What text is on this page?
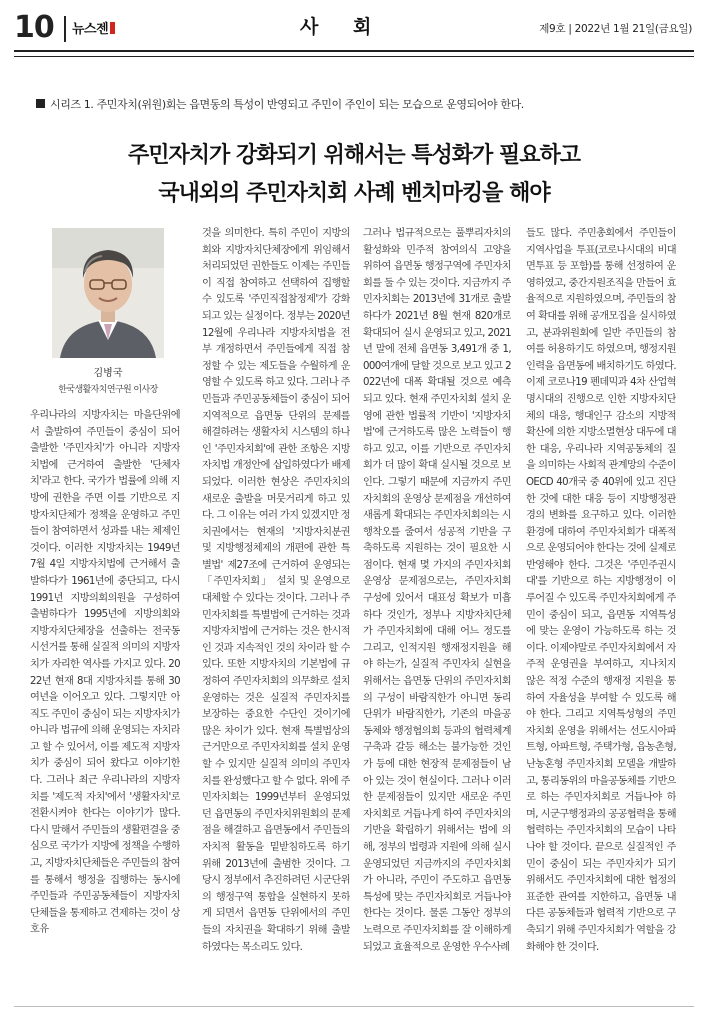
10 뉴스젠	사 회	제9호 | 2022년 1월 21일(금요일)
시리즈 1. 주민자치(위원)회는 읍면동의 특성이 반영되고 주민이 주인이 되는 모습으로 운영되어야 한다.
주민자치가 강화되기 위해서는 특성화가 필요하고
국내외의 주민자치회 사례 벤치마킹을 해야
김병국
한국생활자치연구원 이사장

우리나라의 지방자치는 마을단위에서 출발하여 주민들이 중심이 되어 출발한 '주민자치'가 아니라 지방자치법에 근거하여 출발한 '단체자치'라고 한다. 국가가 법률에 의해 지방에 권한을 주면 이를 기반으로 지방자치단체가 정책을 운영하고 주민들이 참여하면서 성과를 내는 체제인 것이다. 이러한 지방자치는 1949년 7월 4일 지방자치법에 근거해서 출발하다가 1961년에 중단되고, 다시 1991년 지방의회의원을 구성하여 출범하다가 1995년에 지방의회와 지방자치단체장을 선출하는 전국동시선거를 통해 실질적 의미의 지방자치가 자리한 역사를 가지고 있다. 2022년 현재 8대 지방자치를 통해 30여년을 이어오고 있다. 그렇지만 아직도 주민이 중심이 되는 지방자치가 아니라 법규에 의해 운영되는 자치라고 할 수 있어서, 이를 제도적 지방자치가 중심이 되어 왔다고 이야기한다. 그러나 최근 우리나라의 지방자치를 '제도적 자치'에서 '생활자치'로 전환시켜야 한다는 이야기가 많다. 다시 말해서 주민들의 생활편결을 중심으로 국가가 지방에 정책을 수행하고, 지방자치단체들은 주민들의 참여를 통해서 행정을 집행하는 동시에 주민들과 주민공동체들이 지방자치단체들을 통제하고 견제하는 것이 상호유

것을 의미한다. 특히 주민이 지방의회와 지방자치단체장에게 위임해서 처리되었던 권한들도 이제는 주민들이 직접 참여하고 선택하여 집행할 수 있도록 '주민직접참정제'가 강화되고 있는 실정이다. 정부는 2020년 12월에 우리나라 지방자치법을 전부 개정하면서 주민들에게 직접 참정할 수 있는 제도들을 수월하게 운영할 수 있도록 하고 있다. 그러나 주민들과 주민공동체들이 중심이 되어 지역적으로 읍면동 단위의 문제를 해결하려는 생활자치 시스템의 하나인 '주민자치회'에 관한 조항은 지방자치법 개정안에 삽입하였다가 배제되었다. 이러한 현상은 주민자치의 새로운 출발을 머뭇거리게 하고 있다. 그 이유는 여러 가지 있겠지만 정치권에서는 현재의 '지방자치분권 및 지방행정체제의 개편에 관한 특별법' 제27조에 근거하여 운영되는 「주민자치회」 설치 및 운영으로 대체할 수 있다는 것이다. 그러나 주민자치회를 특별법에 근거하는 것과 지방자치법에 근거하는 것은 한시적인 것과 지속적인 것의 차이라 할 수 있다. 또한 지방자치의 기본법에 규정하여 주민자치회의 의무화로 설치 운영하는 것은 실질적 주민자치를 보장하는 중요한 수단인 것이기에 많은 차이가 있다. 현재 특별법상의 근거만으로 주민자치회를 설치 운영할 수 있지만 실질적 의미의 주민자치를 완성했다고 할 수 없다. 위에 주민자치회는 1999년부터 운영되었던 읍면동의 주민자치위원회의 문제점을 해결하고 읍면동에서 주민들의 자치적 활동을 밑받침하도록 하기 위해 2013년에 출범한 것이다. 그 당시 정부에서 추진하려던 시군단위의 행정구역 통합을 실현하지 못하게 되면서 읍면동 단위에서의 주민들의 자치권을 확대하기 위해 출발하였다는 목소리도 있다.

그러나 법규적으로는 풀뿌리자치의 활성화와 민주적 참여의식 고양을 위하여 읍면동 행정구역에 주민자치회를 둘 수 있는 것이다. 지금까지 주민자치회는 2013년에 31개로 출발하다가 2021년 8월 현재 820개로 확대되어 실시 운영되고 있고, 2021년 말에 전체 읍면동 3,491개 중 1,000여개에 달할 것으로 보고 있고 2022년에 대폭 확대될 것으로 예측되고 있다. 현재 주민자치회 설치 운영에 관한 법률적 기반이 '지방자치법'에 근거하도록 많은 노력들이 행하고 있고, 이를 기반으로 주민자치회가 더 많이 확대 실시될 것으로 보인다. 그렇기 때문에 지금까지 주민자치회의 운영상 문제점을 개선하여 새롭게 확대되는 주민자치회의는 시행착오를 줄여서 성공적 기반을 구축하도록 지원하는 것이 필요한 시점이다. 현재 몇 가지의 주민자치회 운영상 문제점으로는, 주민자치회 구성에 있어서 대표성 확보가 미흡하다 것인가, 정부나 지방자치단체가 주민자치회에 대해 어느 정도를 그리고, 인적지원 행재정지원을 해야 하는가, 실질적 주민자치 실현을 위해서는 읍면동 단위의 주민자치회의 구성이 바람직한가 아니면 동리단위가 바람직한가, 기존의 마을공동체와 행정협의회 등과의 협력체계 구축과 갈등 해소는 불가능한 것인가 등에 대한 현장적 문제점들이 남아 있는 것이 현실이다. 그러나 이러한 문제점들이 있지만 새로운 주민자치회로 거듭나게 하여 주민자치의 기반을 확립하기 위해서는 법에 의해, 정부의 법령과 지원에 의해 실시 운영되었던 지금까지의 주민자치회가 아니라, 주민이 주도하고 읍면동 특성에 맞는 주민자치회로 거듭나야 한다는 것이다. 물론 그동안 정부의 노력으로 주민자치회를 잘 이해하게 되었고 효율적으로 운영한 우수사례

들도 많다. 주민총회에서 주민들이 지역사업을 투표(코로나시대의 비대면투표 등 포함)를 통해 선정하여 운영하였고, 중간지원조직을 만들어 효율적으로 지원하였으며, 주민들의 참여 확대를 위해 공개모집을 실시하였고, 분과위원회에 일반 주민들의 참여를 허용하기도 하였으며, 행정지원인력을 읍면동에 배치하기도 하였다. 이제 코로나19 펜데믹과 4차 산업혁명시대의 진행으로 인한 지방자치단체의 대응, 행대인구 감소의 지방적 확산에 의한 지방소멸현상 대두에 대한 대응, 우리나라 지역공동체의 질을 의미하는 사회적 관계망의 수준이 OECD 40개국 중 40위에 있고 진단한 것에 대한 대응 등이 지방행정관경의 변화를 요구하고 있다. 이러한 환경에 대하여 주민자치회가 대폭적으로 운영되어야 한다는 것에 실제로 반영해야 한다. 그것은 '주민주권시대'를 기반으로 하는 지방행정이 이루어질 수 있도록 주민자치회에게 주민이 중심이 되고, 읍면동 지역특성에 맞는 운영이 가능하도록 하는 것이다. 이제야말로 주민자치회에서 자주적 운영권을 부여하고, 지나치지 않은 적정 수준의 행재정 지원을 통하여 자율성을 부여할 수 있도록 해야 한다. 그리고 지역특성형의 주민자치회 운영을 위해서는 선도시아파트형, 아파트형, 주택가형, 읍농촌형, 난농혼형 주민자치회 모델을 개발하고, 통리동위의 마을공동체를 기반으로 하는 주민자치회로 거듭나야 하며, 시군구행정과의 공공협력을 통해 협력하는 주민자치회의 모습이 나타나야 할 것이다. 끝으로 실질적인 주민이 중심이 되는 주민자치가 되기 위해서도 주민자치회에 대한 협정의 표준한 관여를 지한하고, 읍면동 내 다른 공동체들과 협력적 기반으로 구축되기 위해 주민자치회가 역할을 강화해야 한 것이다.
